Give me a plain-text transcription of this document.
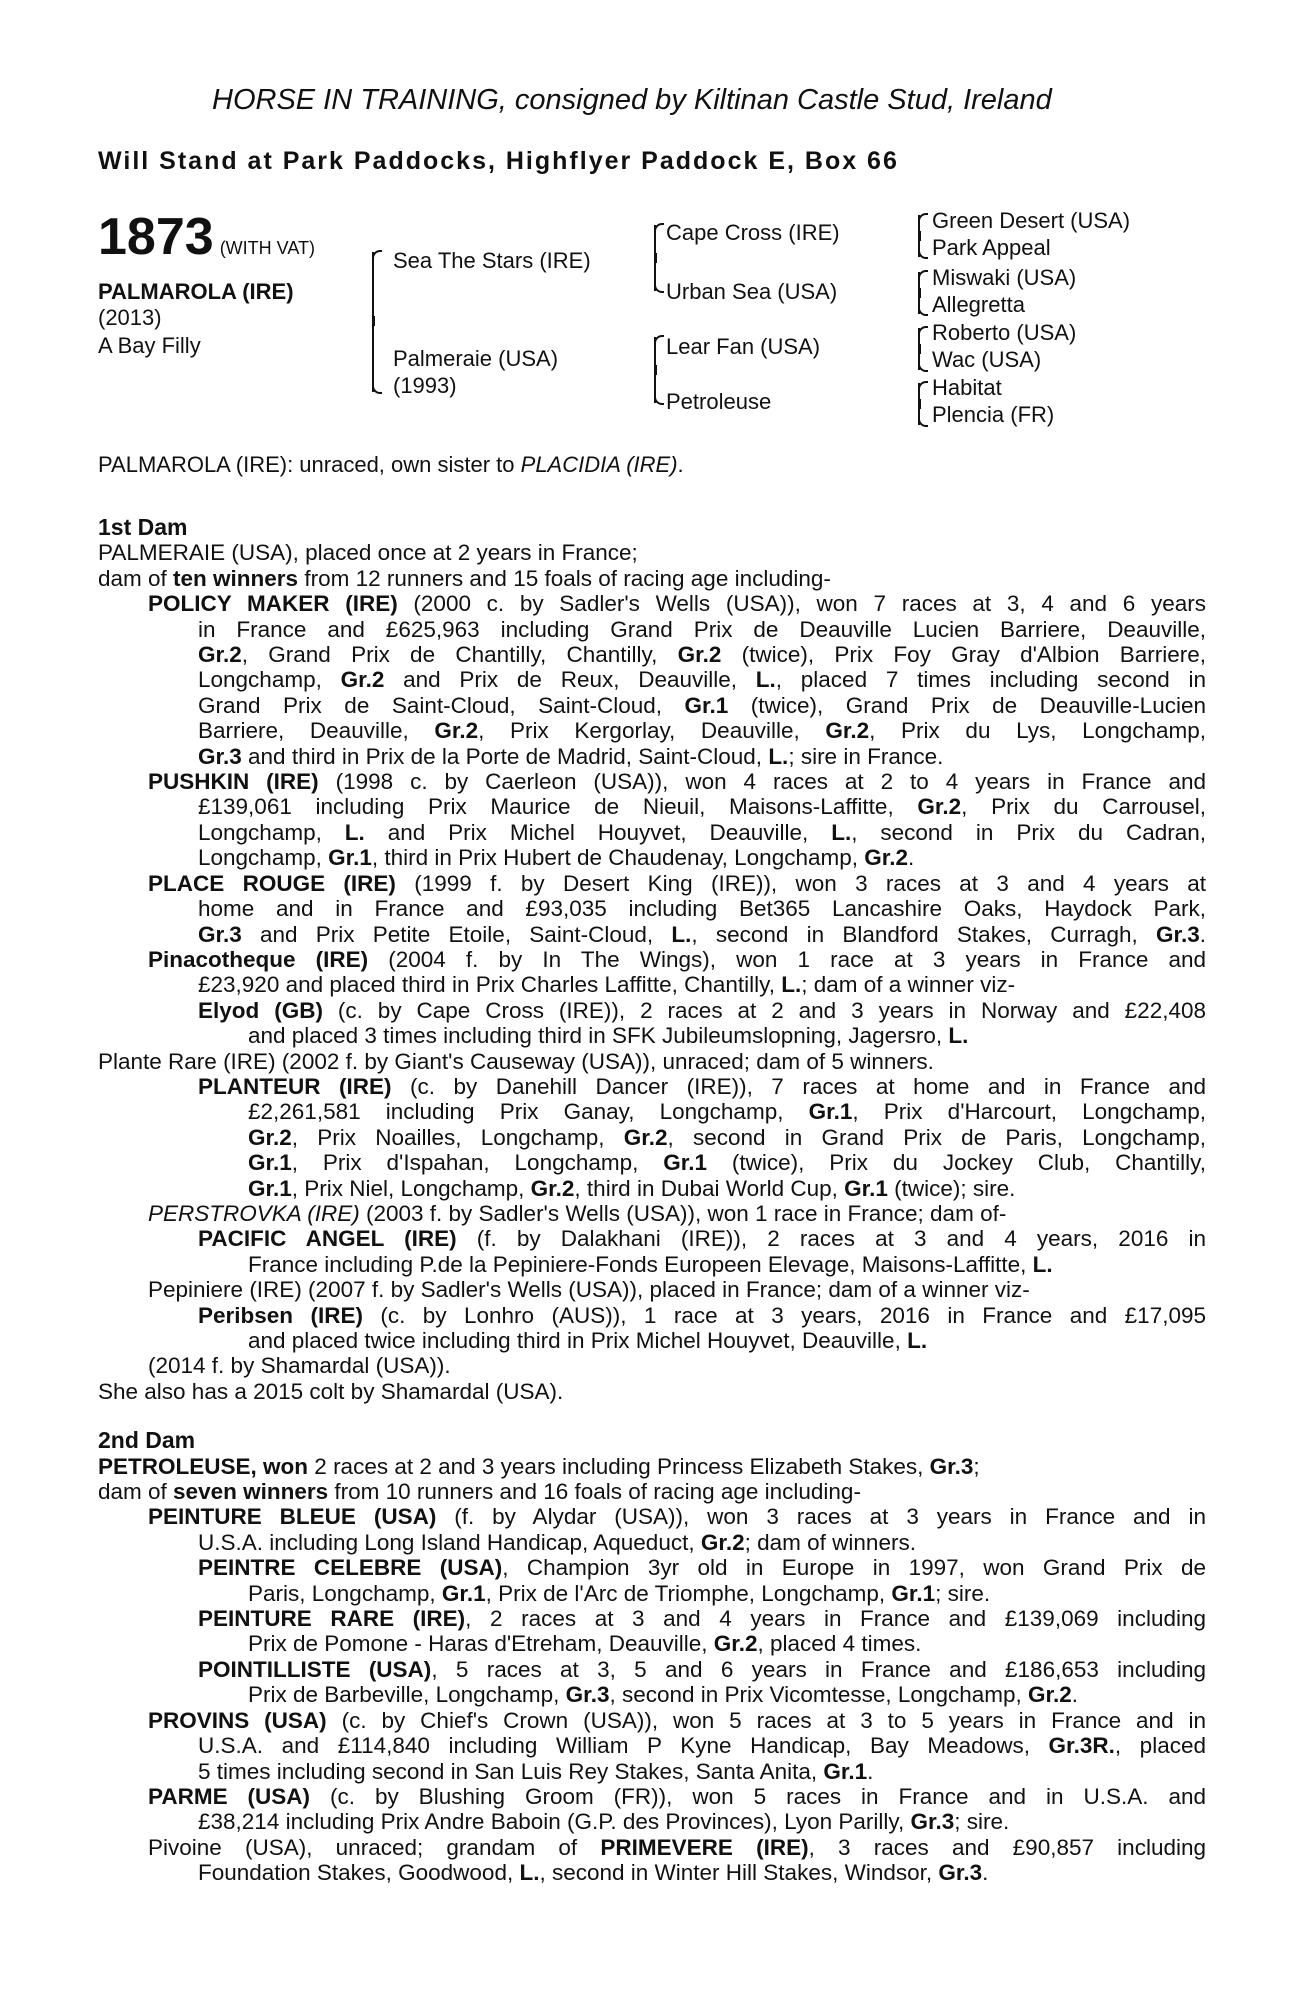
HORSE IN TRAINING, consigned by Kiltinan Castle Stud, Ireland
Will Stand at Park Paddocks, Highflyer Paddock E, Box 66
1873 (WITH VAT)
PALMAROLA (IRE)
(2013)
A Bay Filly
Sea The Stars (IRE)
Palmeraie (USA)
(1993)
Cape Cross (IRE)
Urban Sea (USA)
Lear Fan (USA)
Petroleuse
Green Desert (USA)
Park Appeal
Miswaki (USA)
Allegretta
Roberto (USA)
Wac (USA)
Habitat
Plencia (FR)
PALMAROLA (IRE): unraced, own sister to PLACIDIA (IRE).
1st Dam
PALMERAIE (USA), placed once at 2 years in France;
dam of ten winners from 12 runners and 15 foals of racing age including-
POLICY MAKER (IRE) (2000 c. by Sadler's Wells (USA)), won 7 races at 3, 4 and 6 years
in France and £625,963 including Grand Prix de Deauville Lucien Barriere, Deauville,
Gr.2, Grand Prix de Chantilly, Chantilly, Gr.2 (twice), Prix Foy Gray d'Albion Barriere,
Longchamp, Gr.2 and Prix de Reux, Deauville, L., placed 7 times including second in
Grand Prix de Saint-Cloud, Saint-Cloud, Gr.1 (twice), Grand Prix de Deauville-Lucien
Barriere, Deauville, Gr.2, Prix Kergorlay, Deauville, Gr.2, Prix du Lys, Longchamp,
Gr.3 and third in Prix de la Porte de Madrid, Saint-Cloud, L.; sire in France.
PUSHKIN (IRE) (1998 c. by Caerleon (USA)), won 4 races at 2 to 4 years in France and
£139,061 including Prix Maurice de Nieuil, Maisons-Laffitte, Gr.2, Prix du Carrousel,
Longchamp, L. and Prix Michel Houyvet, Deauville, L., second in Prix du Cadran,
Longchamp, Gr.1, third in Prix Hubert de Chaudenay, Longchamp, Gr.2.
PLACE ROUGE (IRE) (1999 f. by Desert King (IRE)), won 3 races at 3 and 4 years at
home and in France and £93,035 including Bet365 Lancashire Oaks, Haydock Park,
Gr.3 and Prix Petite Etoile, Saint-Cloud, L., second in Blandford Stakes, Curragh, Gr.3.
Pinacotheque (IRE) (2004 f. by In The Wings), won 1 race at 3 years in France and
£23,920 and placed third in Prix Charles Laffitte, Chantilly, L.; dam of a winner viz-
Elyod (GB) (c. by Cape Cross (IRE)), 2 races at 2 and 3 years in Norway and £22,408
and placed 3 times including third in SFK Jubileumslopning, Jagersro, L.
Plante Rare (IRE) (2002 f. by Giant's Causeway (USA)), unraced; dam of 5 winners.
PLANTEUR (IRE) (c. by Danehill Dancer (IRE)), 7 races at home and in France and
£2,261,581 including Prix Ganay, Longchamp, Gr.1, Prix d'Harcourt, Longchamp,
Gr.2, Prix Noailles, Longchamp, Gr.2, second in Grand Prix de Paris, Longchamp,
Gr.1, Prix d'Ispahan, Longchamp, Gr.1 (twice), Prix du Jockey Club, Chantilly,
Gr.1, Prix Niel, Longchamp, Gr.2, third in Dubai World Cup, Gr.1 (twice); sire.
PERSTROVKA (IRE) (2003 f. by Sadler's Wells (USA)), won 1 race in France; dam of-
PACIFIC ANGEL (IRE) (f. by Dalakhani (IRE)), 2 races at 3 and 4 years, 2016 in
France including P.de la Pepiniere-Fonds Europeen Elevage, Maisons-Laffitte, L.
Pepiniere (IRE) (2007 f. by Sadler's Wells (USA)), placed in France; dam of a winner viz-
Peribsen (IRE) (c. by Lonhro (AUS)), 1 race at 3 years, 2016 in France and £17,095
and placed twice including third in Prix Michel Houyvet, Deauville, L.
(2014 f. by Shamardal (USA)).
She also has a 2015 colt by Shamardal (USA).
2nd Dam
PETROLEUSE, won 2 races at 2 and 3 years including Princess Elizabeth Stakes, Gr.3;
dam of seven winners from 10 runners and 16 foals of racing age including-
PEINTURE BLEUE (USA) (f. by Alydar (USA)), won 3 races at 3 years in France and in
U.S.A. including Long Island Handicap, Aqueduct, Gr.2; dam of winners.
PEINTRE CELEBRE (USA), Champion 3yr old in Europe in 1997, won Grand Prix de
Paris, Longchamp, Gr.1, Prix de l'Arc de Triomphe, Longchamp, Gr.1; sire.
PEINTURE RARE (IRE), 2 races at 3 and 4 years in France and £139,069 including
Prix de Pomone - Haras d'Etreham, Deauville, Gr.2, placed 4 times.
POINTILLISTE (USA), 5 races at 3, 5 and 6 years in France and £186,653 including
Prix de Barbeville, Longchamp, Gr.3, second in Prix Vicomtesse, Longchamp, Gr.2.
PROVINS (USA) (c. by Chief's Crown (USA)), won 5 races at 3 to 5 years in France and in
U.S.A. and £114,840 including William P Kyne Handicap, Bay Meadows, Gr.3R., placed
5 times including second in San Luis Rey Stakes, Santa Anita, Gr.1.
PARME (USA) (c. by Blushing Groom (FR)), won 5 races in France and in U.S.A. and
£38,214 including Prix Andre Baboin (G.P. des Provinces), Lyon Parilly, Gr.3; sire.
Pivoine (USA), unraced; grandam of PRIMEVERE (IRE), 3 races and £90,857 including
Foundation Stakes, Goodwood, L., second in Winter Hill Stakes, Windsor, Gr.3.
